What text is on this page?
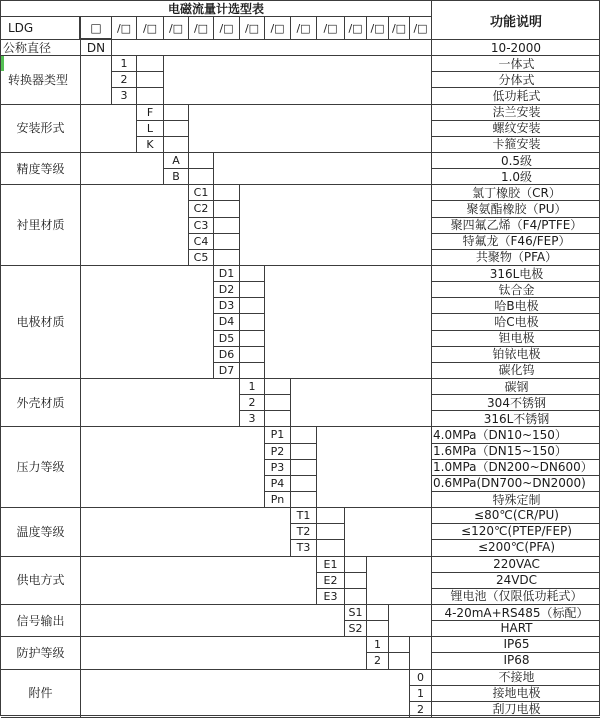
电磁流量计选型表
功能说明
LDG	□	/□	/□	/□ /□	/□	/□	/□	/□	/□ /□ /□ /□ /□
公称直径	DN	10-2000
转换器类型
1	一体式
2	分体式
3	低功耗式
安装形式
F	法兰安装
L	螺纹安装
K	卡箍安装
精度等级
A	0.5级
B	1.0级
衬里材质
C1	氯丁橡胶（CR）
C2	聚氨酯橡胶（PU）
C3	聚四氟乙烯（F4/PTFE）
C4	特氟龙（F46/FEP）
C5	共聚物（PFA）
电极材质
D1	316L电极
D2	钛合金
D3	哈B电极
D4	哈C电极
D5	钽电极
D6	铂铱电极
D7	碳化钨
外壳材质
1	碳钢
2	304不锈钢
3	316L不锈钢
压力等级
P1	4.0MPa（DN10~150）
P2	1.6MPa（DN15~150）
P3	1.0MPa（DN200~DN600）
P4	0.6MPa(DN700~DN2000)
Pn	特殊定制
温度等级
T1	≤80℃(CR/PU)
T2	≤120℃(PTEP/FEP)
T3	≤200℃(PFA)
供电方式
E1	220VAC
E2	24VDC
E3	锂电池（仅限低功耗式）
信号输出
S1	4-20mA+RS485（标配）
S2	HART
防护等级
1	IP65
2	IP68
附件
0	不接地
1	接地电极
2	刮刀电极
